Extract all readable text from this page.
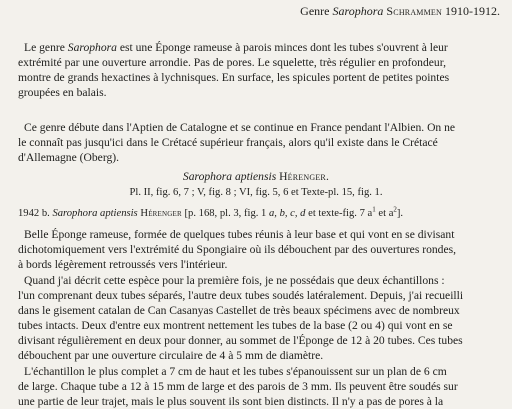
Genre Sarophora Schrammen 1910-1912.
Le genre Sarophora est une Éponge rameuse à parois minces dont les tubes s'ouvrent à leur
extrémité par une ouverture arrondie. Pas de pores. Le squelette, très régulier en profondeur,
montre de grands hexactines à lychnisques. En surface, les spicules portent de petites pointes
groupées en balais.
Ce genre débute dans l'Aptien de Catalogne et se continue en France pendant l'Albien. On ne
le connaît pas jusqu'ici dans le Crétacé supérieur français, alors qu'il existe dans le Crétacé
d'Allemagne (Oberg).
Sarophora aptiensis Hérenger.
Pl. II, fig. 6, 7 ; V, fig. 8 ; VI, fig. 5, 6 et Texte-pl. 15, fig. 1.
1942 b. Sarophora aptiensis Hérenger [p. 168, pl. 3, fig. 1 a, b, c, d et texte-fig. 7 $a^1$ et $a^2$].
Belle Éponge rameuse, formée de quelques tubes réunis à leur base et qui vont en se divisant
dichotomiquement vers l'extrémité du Spongiaire où ils débouchent par des ouvertures rondes,
à bords légèrement retroussés vers l'intérieur.
Quand j'ai décrit cette espèce pour la première fois, je ne possédais que deux échantillons :
l'un comprenant deux tubes séparés, l'autre deux tubes soudés latéralement. Depuis, j'ai recueilli
dans le gisement catalan de Can Casanyas Castellet de très beaux spécimens avec de nombreux
tubes intacts. Deux d'entre eux montrent nettement les tubes de la base (2 ou 4) qui vont en se
divisant régulièrement en deux pour donner, au sommet de l'Éponge de 12 à 20 tubes. Ces tubes
débouchent par une ouverture circulaire de 4 à 5 mm de diamètre.
L'échantillon le plus complet a 7 cm de haut et les tubes s'épanouissent sur un plan de 6 cm
de large. Chaque tube a 12 à 15 mm de large et des parois de 3 mm. Ils peuvent être soudés sur
une partie de leur trajet, mais le plus souvent ils sont bien distincts. Il n'y a pas de pores à la
